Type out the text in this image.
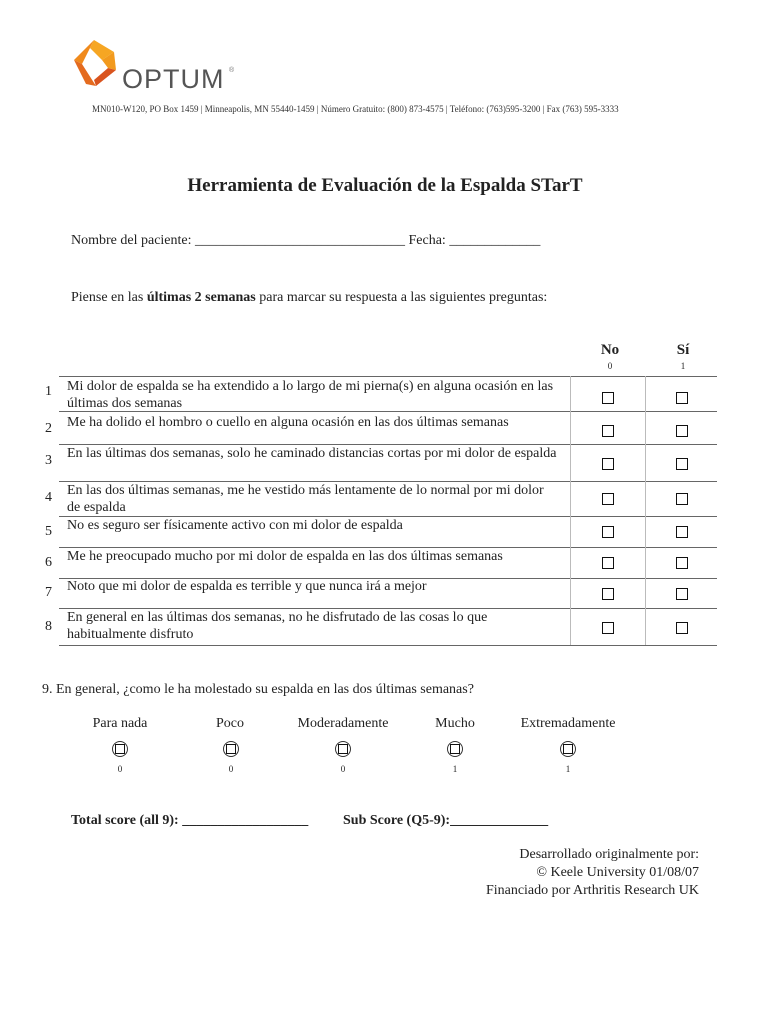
OPTUM ®
MN010-W120, PO Box 1459 | Minneapolis, MN 55440-1459 | Número Gratuito: (800) 873-4575 | Teléfono: (763)595-3200 | Fax (763) 595-3333
Herramienta de Evaluación de la Espalda STarT
Nombre del paciente: ______________________________ Fecha: _____________
Piense en las últimas 2 semanas para marcar su respuesta a las siguientes preguntas:
No
0
Sí
1
1 Mi dolor de espalda se ha extendido a lo largo de mi pierna(s) en alguna ocasión en las últimas dos semanas
2 Me ha dolido el hombro o cuello en alguna ocasión en las dos últimas semanas
3 En las últimas dos semanas, solo he caminado distancias cortas por mi dolor de espalda
4 En las dos últimas semanas, me he vestido más lentamente de lo normal por mi dolor de espalda
5 No es seguro ser físicamente activo con mi dolor de espalda
6 Me he preocupado mucho por mi dolor de espalda en las dos últimas semanas
7 Noto que mi dolor de espalda es terrible y que nunca irá a mejor
8
En general en las últimas dos semanas, no he disfrutado de las cosas lo que habitualmente disfruto
9. En general, ¿como le ha molestado su espalda en las dos últimas semanas?
Para nada	Poco	Moderadamente	Mucho	Extremadamente
0	0	0	1	1
Total score (all 9): __________________ Sub Score (Q5-9):______________
Desarrollado originalmente por:
© Keele University 01/08/07
Financiado por Arthritis Research UK
